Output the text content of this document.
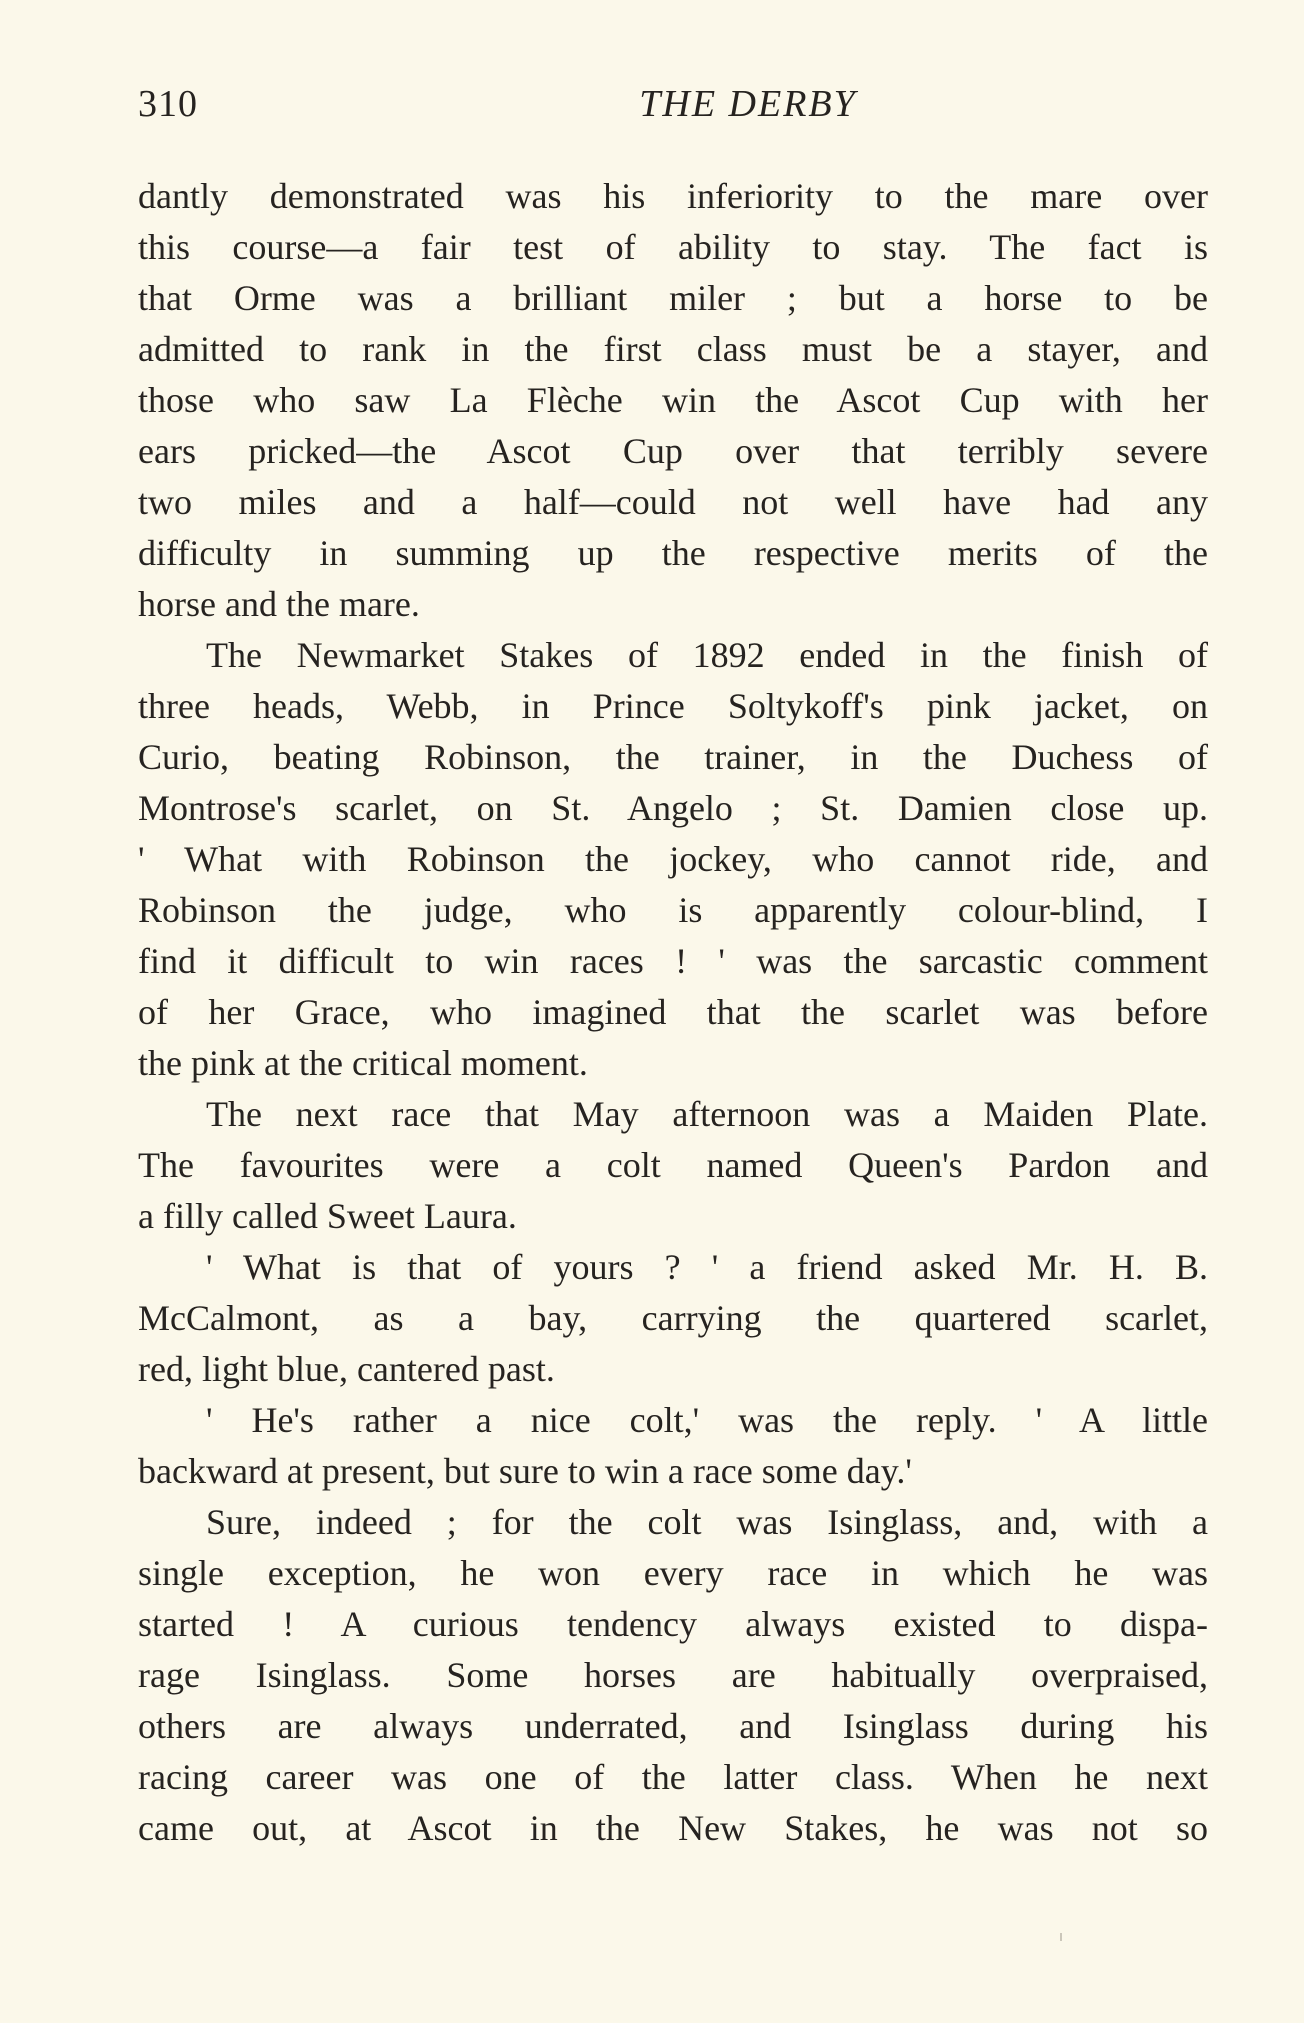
310	THE DERBY
dantly demonstrated was his inferiority to the mare over
this course—a fair test of ability to stay. The fact is
that Orme was a brilliant miler ; but a horse to be
admitted to rank in the first class must be a stayer, and
those who saw La Flèche win the Ascot Cup with her
ears pricked—the Ascot Cup over that terribly severe
two miles and a half—could not well have had any
difficulty in summing up the respective merits of the
horse and the mare.
The Newmarket Stakes of 1892 ended in the finish of
three heads, Webb, in Prince Soltykoff's pink jacket, on
Curio, beating Robinson, the trainer, in the Duchess of
Montrose's scarlet, on St. Angelo ; St. Damien close up.
' What with Robinson the jockey, who cannot ride, and
Robinson the judge, who is apparently colour-blind, I
find it difficult to win races ! ' was the sarcastic comment
of her Grace, who imagined that the scarlet was before
the pink at the critical moment.
The next race that May afternoon was a Maiden Plate.
The favourites were a colt named Queen's Pardon and
a filly called Sweet Laura.
' What is that of yours ? ' a friend asked Mr. H. B.
McCalmont, as a bay, carrying the quartered scarlet,
red, light blue, cantered past.
' He's rather a nice colt,' was the reply. ' A little
backward at present, but sure to win a race some day.'
Sure, indeed ; for the colt was Isinglass, and, with a
single exception, he won every race in which he was
started ! A curious tendency always existed to dispa-
rage Isinglass. Some horses are habitually overpraised,
others are always underrated, and Isinglass during his
racing career was one of the latter class. When he next
came out, at Ascot in the New Stakes, he was not so
